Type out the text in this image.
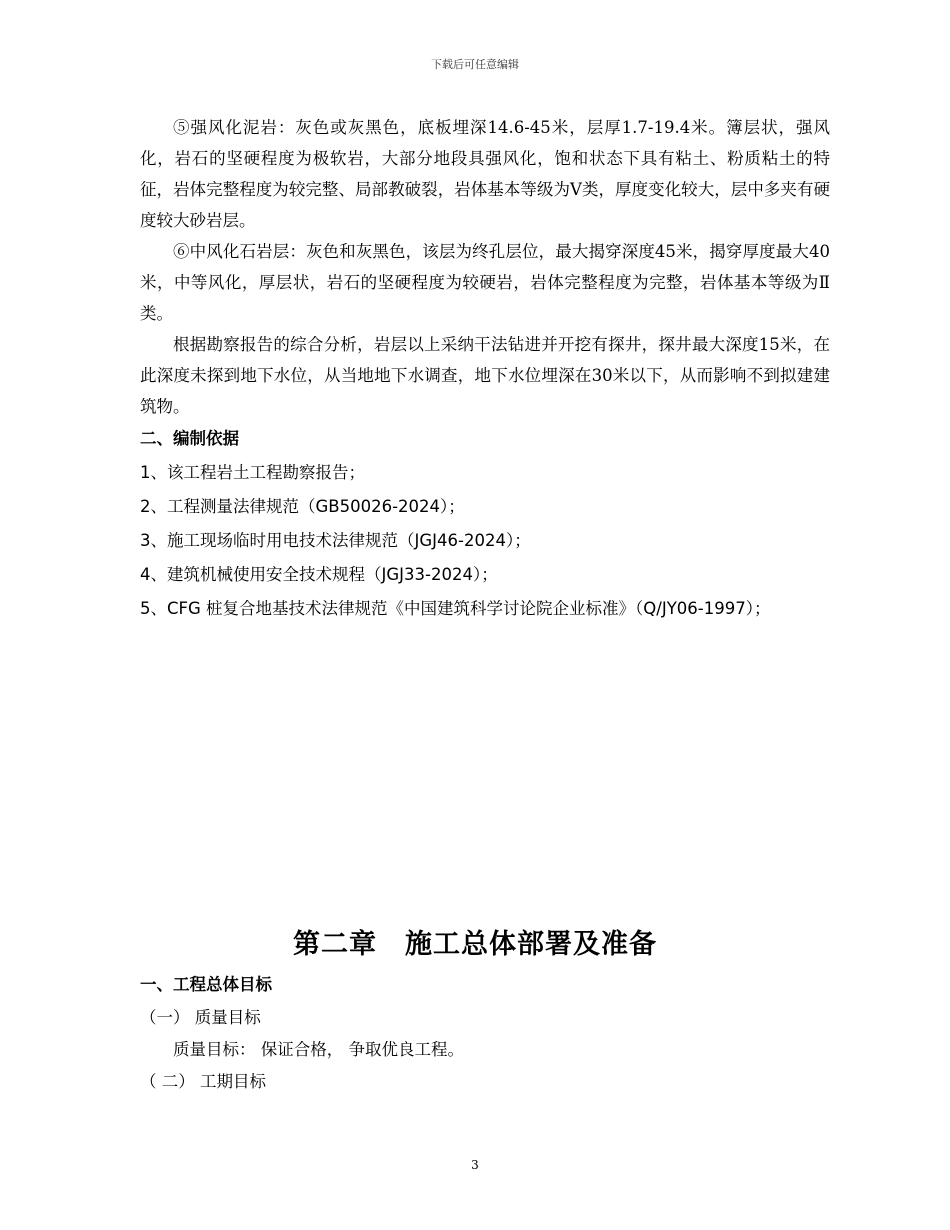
下载后可任意编辑

⑤强风化泥岩：灰色或灰黑色，底板埋深14.6-45米，层厚1.7-19.4米。簿层状，强风化，岩石的坚硬程度为极软岩，大部分地段具强风化，饱和状态下具有粘土、粉质粘土的特征，岩体完整程度为较完整、局部教破裂，岩体基本等级为Ⅴ类，厚度变化较大，层中多夹有硬度较大砂岩层。

⑥中风化石岩层：灰色和灰黑色，该层为终孔层位，最大揭穿深度45米，揭穿厚度最大40米，中等风化，厚层状，岩石的坚硬程度为较硬岩，岩体完整程度为完整，岩体基本等级为Ⅱ类。

根据勘察报告的综合分析，岩层以上采纳干法钻进并开挖有探井，探井最大深度15米，在此深度未探到地下水位，从当地地下水调查，地下水位埋深在30米以下，从而影响不到拟建建筑物。

二、编制依据

1、该工程岩土工程勘察报告；

2、工程测量法律规范（GB50026-2024）；

3、施工现场临时用电技术法律规范（JGJ46-2024）；

4、建筑机械使用安全技术规程（JGJ33-2024）；

5、CFG 桩复合地基技术法律规范《中国建筑科学讨论院企业标准》（Q/JY06-1997）；

第二章　施工总体部署及准备

一、工程总体目标

（一） 质量目标

质量目标： 保证合格， 争取优良工程。

（ 二） 工期目标

3
